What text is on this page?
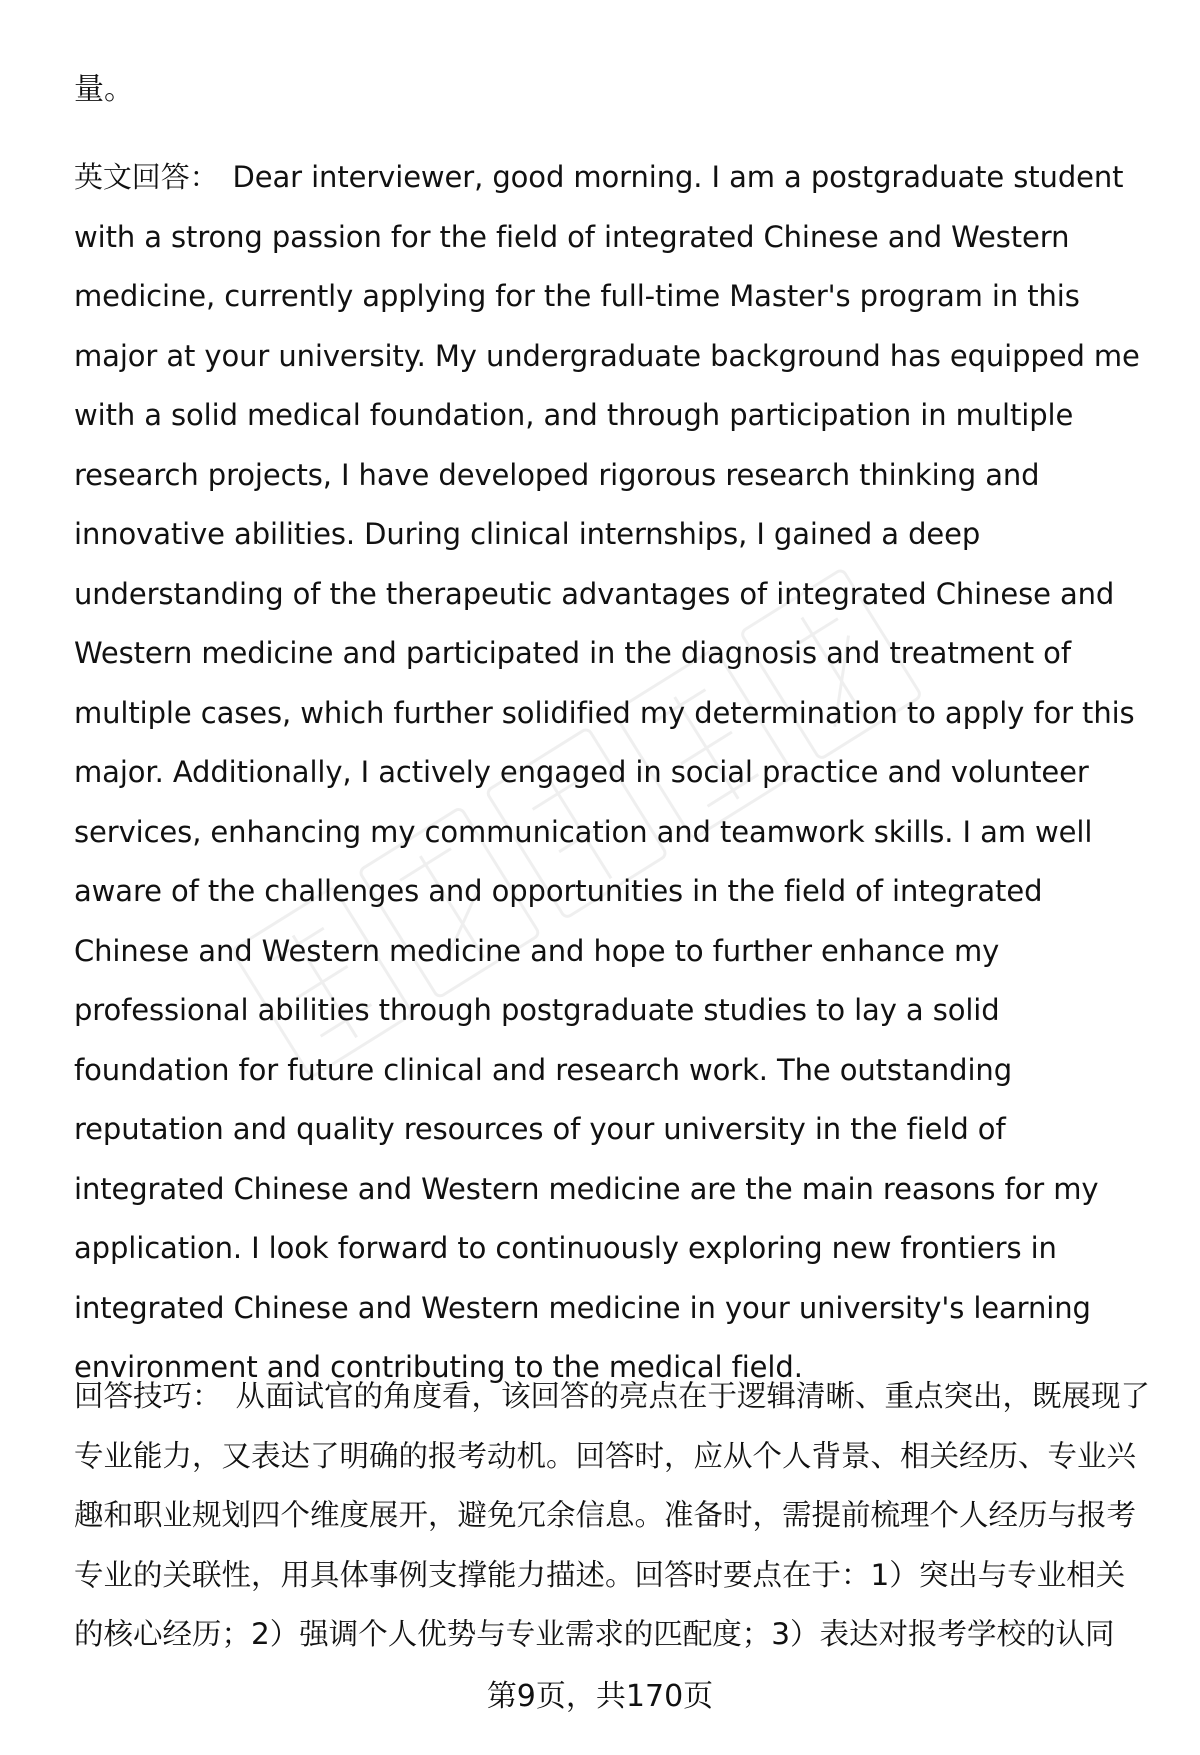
量。

英文回答： Dear interviewer, good morning. I am a postgraduate student with a strong passion for the field of integrated Chinese and Western medicine, currently applying for the full-time Master's program in this major at your university. My undergraduate background has equipped me with a solid medical foundation, and through participation in multiple research projects, I have developed rigorous research thinking and innovative abilities. During clinical internships, I gained a deep understanding of the therapeutic advantages of integrated Chinese and Western medicine and participated in the diagnosis and treatment of multiple cases, which further solidified my determination to apply for this major. Additionally, I actively engaged in social practice and volunteer services, enhancing my communication and teamwork skills. I am well aware of the challenges and opportunities in the field of integrated Chinese and Western medicine and hope to further enhance my professional abilities through postgraduate studies to lay a solid foundation for future clinical and research work. The outstanding reputation and quality resources of your university in the field of integrated Chinese and Western medicine are the main reasons for my application. I look forward to continuously exploring new frontiers in integrated Chinese and Western medicine in your university's learning environment and contributing to the medical field.

回答技巧： 从面试官的角度看，该回答的亮点在于逻辑清晰、重点突出，既展现了专业能力，又表达了明确的报考动机。回答时，应从个人背景、相关经历、专业兴趣和职业规划四个维度展开，避免冗余信息。准备时，需提前梳理个人经历与报考专业的关联性，用具体事例支撑能力描述。回答时要点在于：1）突出与专业相关的核心经历；2）强调个人优势与专业需求的匹配度；3）表达对报考学校的认同

第9页，共170页
